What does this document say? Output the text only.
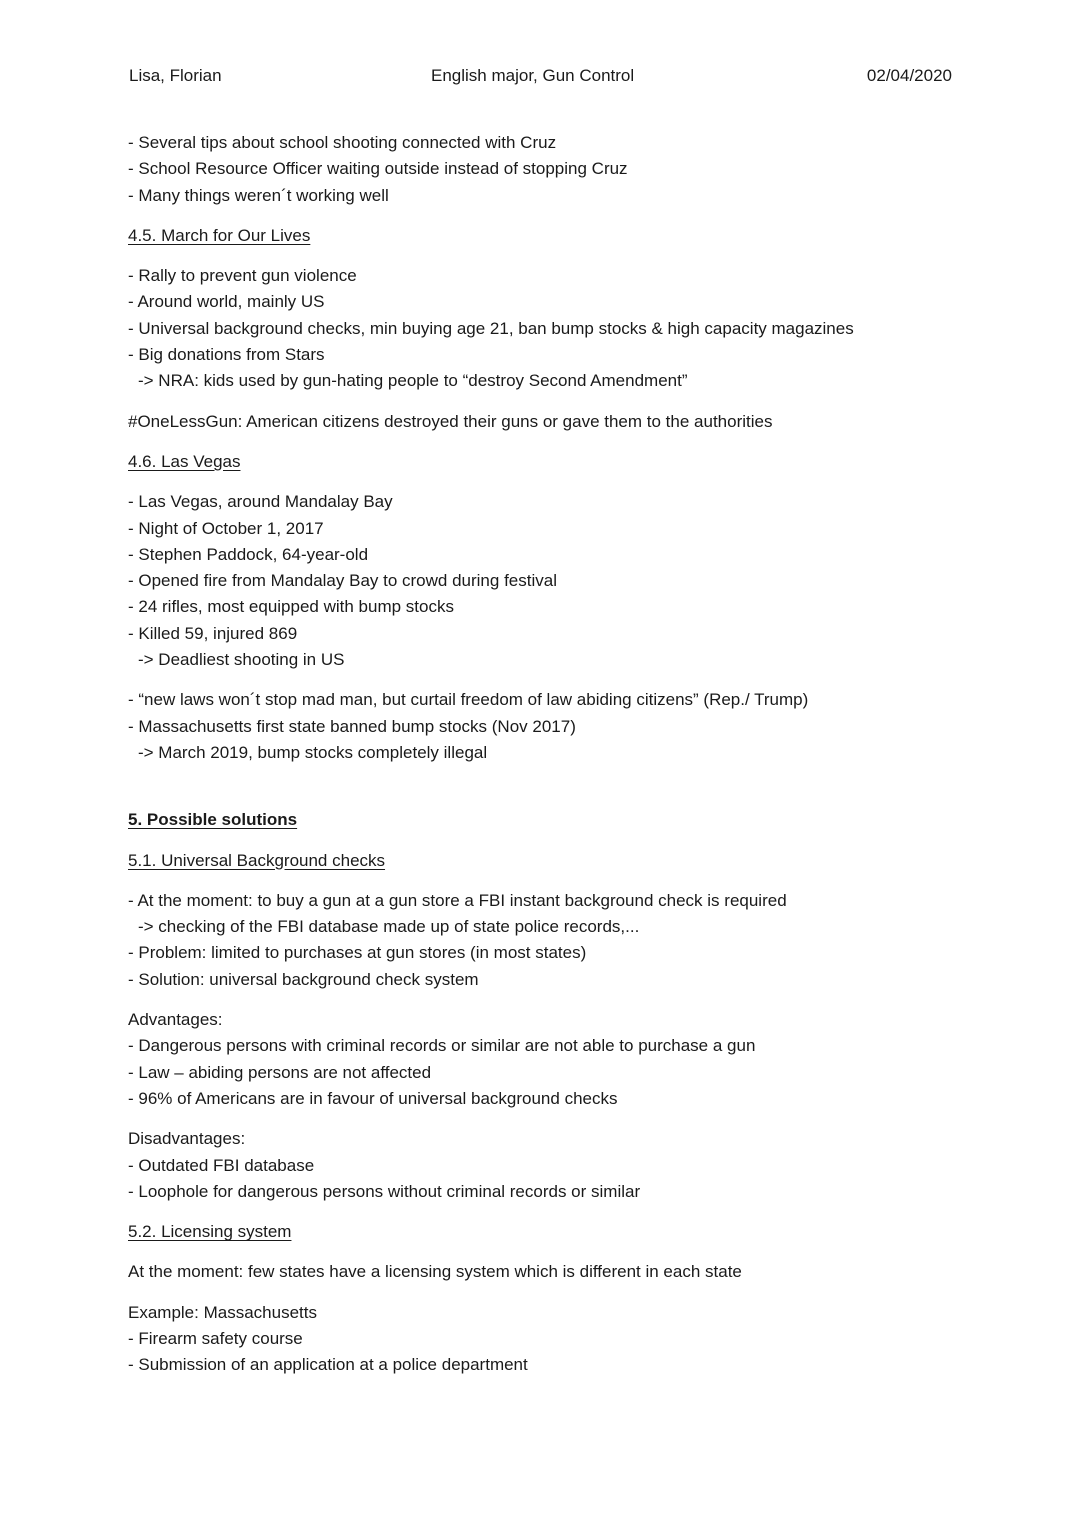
Lisa, Florian	English major, Gun Control	02/04/2020
- Several tips about school shooting connected with Cruz
- School Resource Officer waiting outside instead of stopping Cruz
- Many things weren´t working well
4.5. March for Our Lives
- Rally to prevent gun violence
- Around world, mainly US
- Universal background checks, min buying age 21, ban bump stocks & high capacity magazines
- Big donations from Stars
-> NRA: kids used by gun-hating people to “destroy Second Amendment”
#OneLessGun: American citizens destroyed their guns or gave them to the authorities
4.6. Las Vegas
- Las Vegas, around Mandalay Bay
- Night of October 1, 2017
- Stephen Paddock, 64-year-old
- Opened fire from Mandalay Bay to crowd during festival
- 24 rifles, most equipped with bump stocks
- Killed 59, injured 869
-> Deadliest shooting in US
- “new laws won´t stop mad man, but curtail freedom of law abiding citizens” (Rep./ Trump)
- Massachusetts first state banned bump stocks (Nov 2017)
-> March 2019, bump stocks completely illegal
5. Possible solutions
5.1. Universal Background checks
- At the moment: to buy a gun at a gun store a FBI instant background check is required
-> checking of the FBI database made up of state police records,...
- Problem: limited to purchases at gun stores (in most states)
- Solution: universal background check system
Advantages:
- Dangerous persons with criminal records or similar are not able to purchase a gun
- Law – abiding persons are not affected
- 96% of Americans are in favour of universal background checks
Disadvantages:
- Outdated FBI database
- Loophole for dangerous persons without criminal records or similar
5.2. Licensing system
At the moment: few states have a licensing system which is different in each state
Example: Massachusetts
- Firearm safety course
- Submission of an application at a police department
